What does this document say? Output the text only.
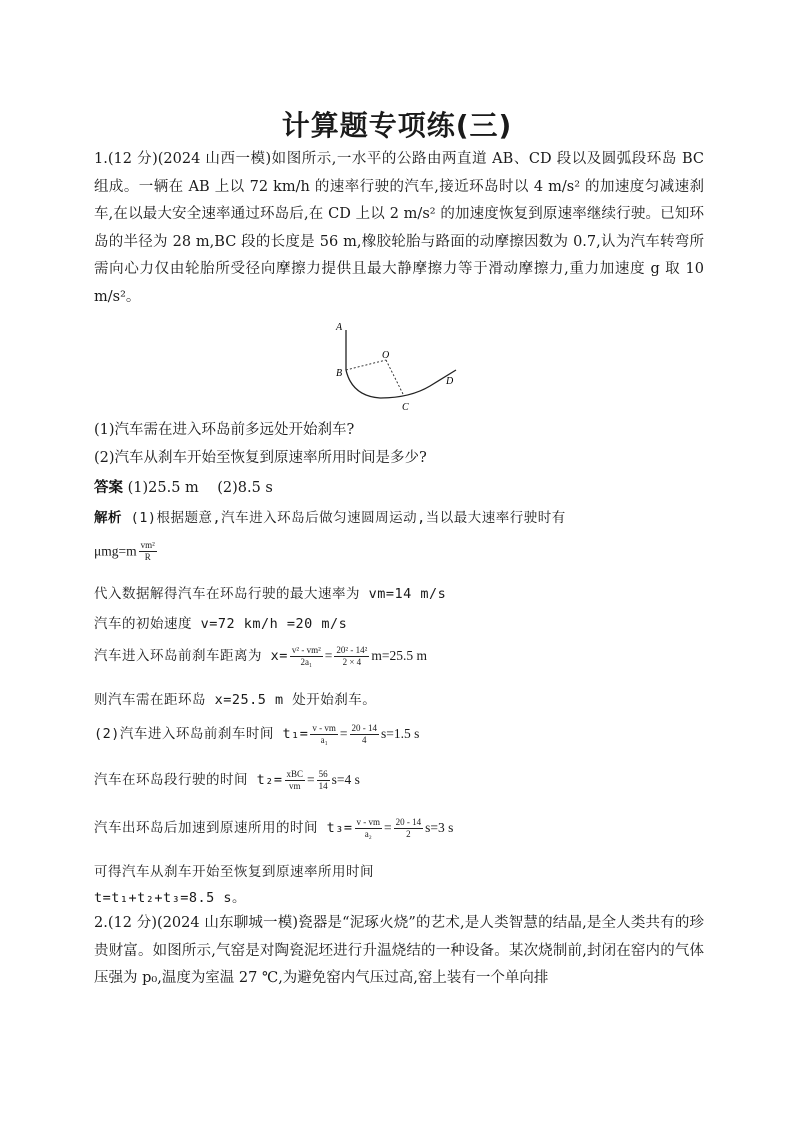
计算题专项练(三)

1.(12 分)(2024 山西一模)如图所示,一水平的公路由两直道 AB、CD 段以及圆弧段环岛 BC 组成。一辆在 AB 上以 72 km/h 的速率行驶的汽车,接近环岛时以 4 m/s² 的加速度匀减速刹车,在以最大安全速率通过环岛后,在 CD 上以 2 m/s² 的加速度恢复到原速率继续行驶。已知环岛的半径为 28 m,BC 段的长度是 56 m,橡胶轮胎与路面的动摩擦因数为 0.7,认为汽车转弯所需向心力仅由轮胎所受径向摩擦力提供且最大静摩擦力等于滑动摩擦力,重力加速度 g 取 10 m/s²。

A
B
O
C
D

(1)汽车需在进入环岛前多远处开始刹车?

(2)汽车从刹车开始至恢复到原速率所用时间是多少?

答案 (1)25.5 m    (2)8.5 s

解析 (1)根据题意,汽车进入环岛后做匀速圆周运动,当以最大速率行驶时有

$\mu mg=m \frac{\text{vm²}}{R}$

代入数据解得汽车在环岛行驶的最大速率为 vm=14 m/s

汽车的初始速度 v=72 km/h =20 m/s

汽车进入环岛前刹车距离为 $x= \frac{\text{v² - vm²}}{\text{2a₁}} = \frac{\text{20² - 14²}}{2 \times 4} m=25.5$ m

则汽车需在距环岛 x=25.5 m 处开始刹车。

(2)汽车进入环岛前刹车时间 $t_1= \frac{v - vm}{\text{a₁}} = \frac{20 - 14}{4} s=1.5$ s

汽车在环岛段行驶的时间 $t_2= \frac{\text{xBC}}{vm} = \frac{56}{14} s=4$ s

汽车出环岛后加速到原速所用的时间 $t_3= \frac{v - vm}{\text{a₂}} = \frac{20 - 14}{2} s=3$ s

可得汽车从刹车开始至恢复到原速率所用时间

t=t₁+t₂+t₃=8.5 s。

2.(12 分)(2024 山东聊城一模)瓷器是“泥琢火烧”的艺术,是人类智慧的结晶,是全人类共有的珍贵财富。如图所示,气窑是对陶瓷泥坯进行升温烧结的一种设备。某次烧制前,封闭在窑内的气体压强为 p₀,温度为室温 27 ℃,为避免窑内气压过高,窑上装有一个单向排
